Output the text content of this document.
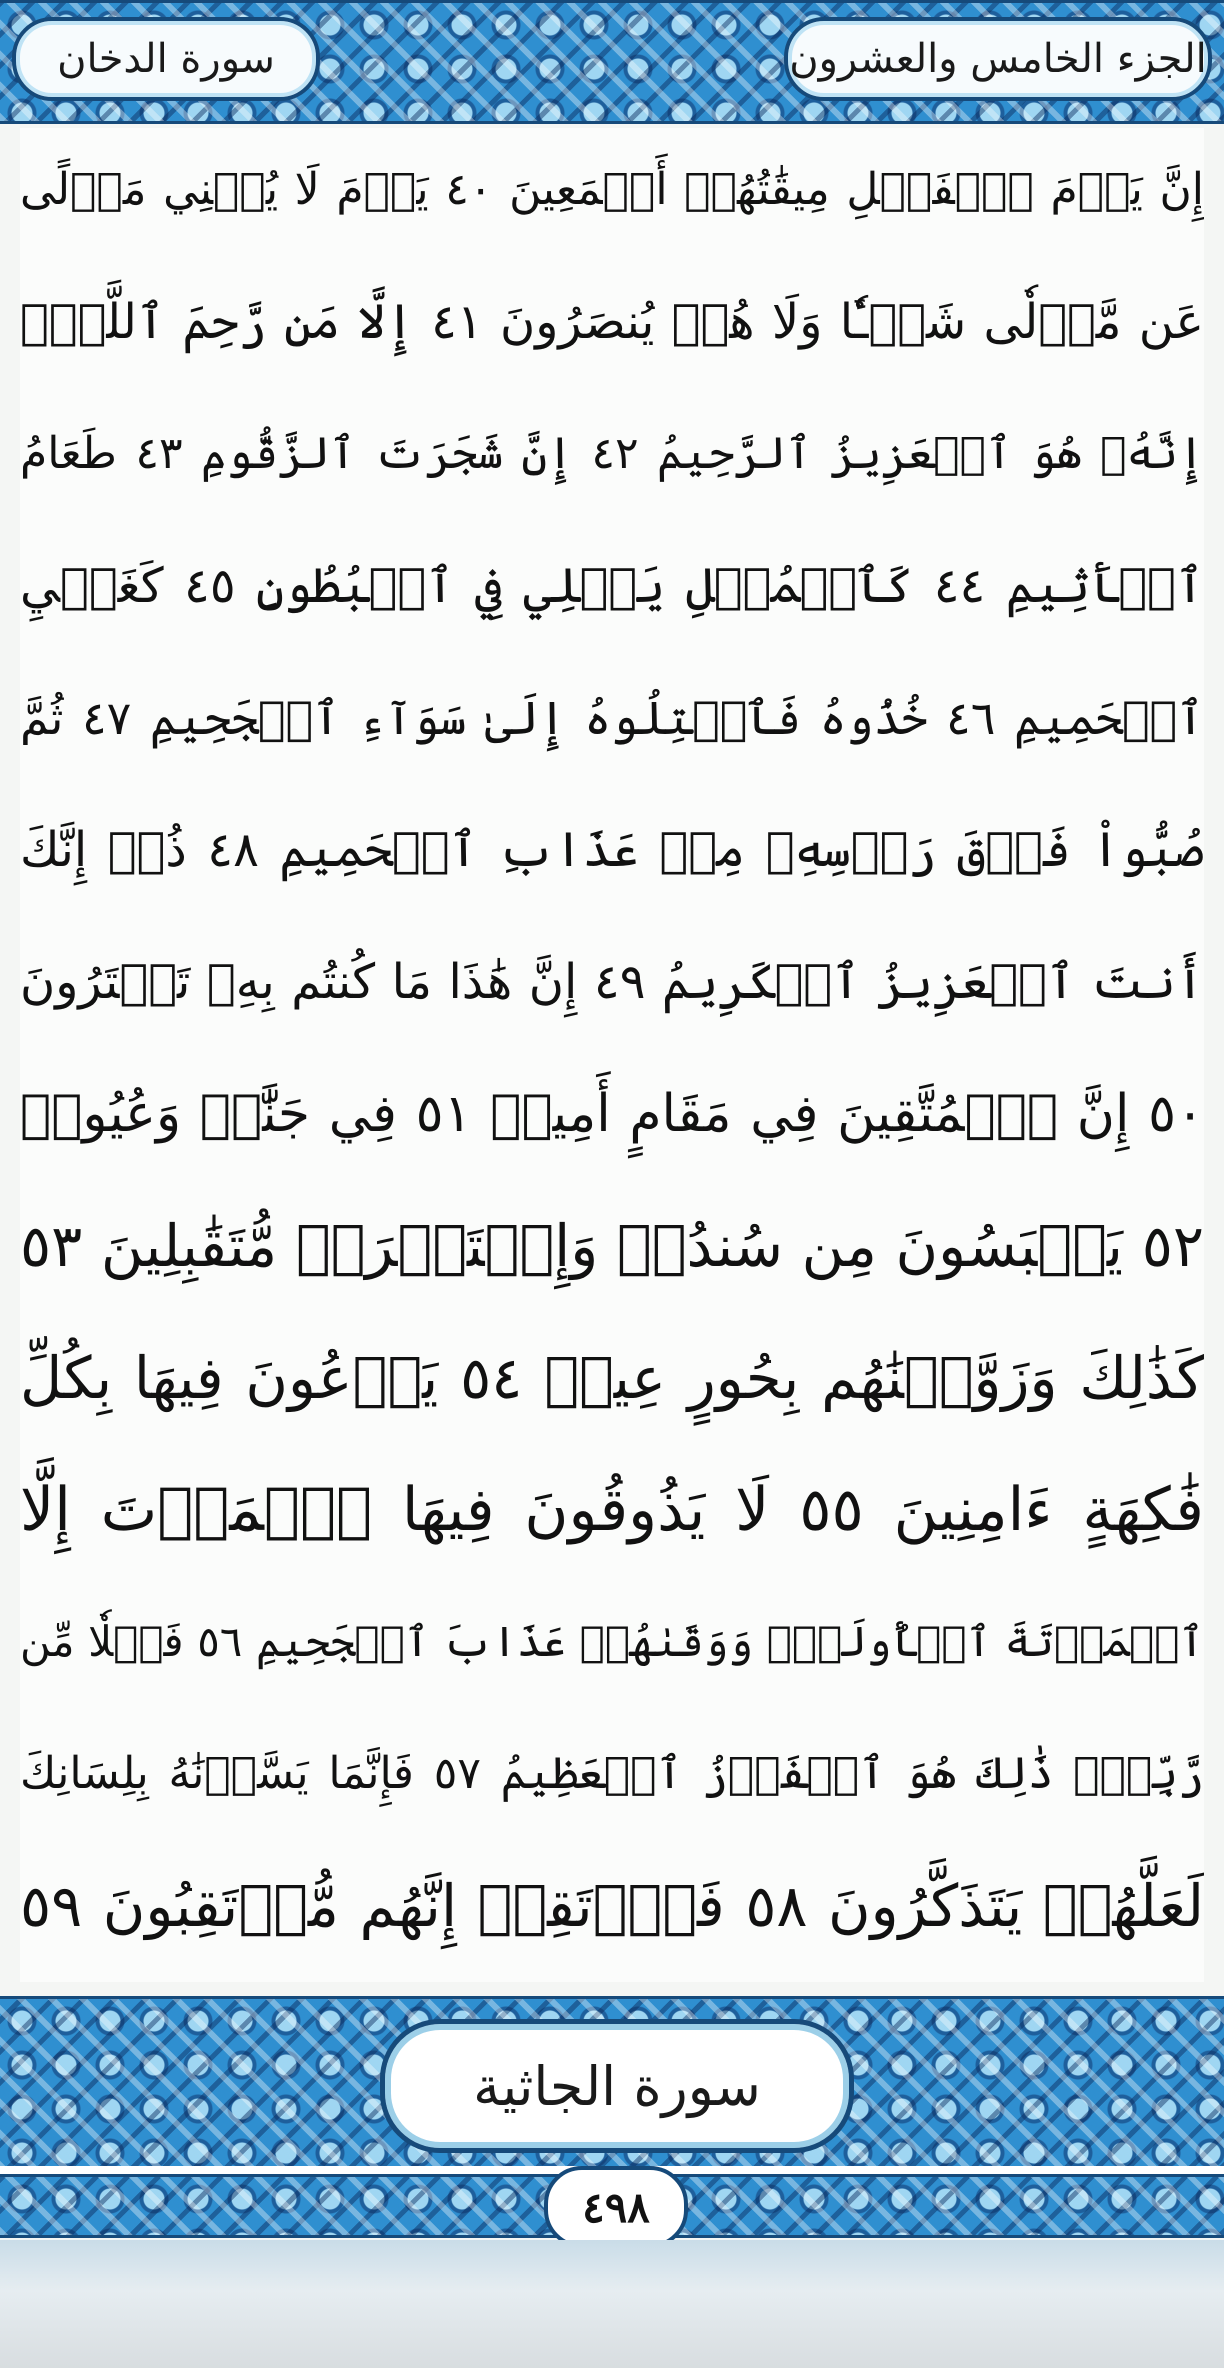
الجزء الخامس والعشرون
سورة الدخان
إِنَّ يَوۡمَ ٱلۡفَصۡلِ مِيقَٰتُهُمۡ أَجۡمَعِينَ ٤٠ يَوۡمَ لَا يُغۡنِي مَوۡلًى
عَن مَّوۡلٗى شَيۡـٔٗا وَلَا هُمۡ يُنصَرُونَ ٤١ إِلَّا مَن رَّحِمَ ٱللَّهُۚ
إِنَّهُۥ هُوَ ٱلۡعَزِيزُ ٱلرَّحِيمُ ٤٢ إِنَّ شَجَرَتَ ٱلزَّقُّومِ ٤٣ طَعَامُ
ٱلۡأَثِيمِ ٤٤ كَٱلۡمُهۡلِ يَغۡلِي فِي ٱلۡبُطُونِ ٤٥ كَغَلۡيِ
ٱلۡحَمِيمِ ٤٦ خُذُوهُ فَٱعۡتِلُوهُ إِلَىٰ سَوَآءِ ٱلۡجَحِيمِ ٤٧ ثُمَّ
صُبُّواْ فَوۡقَ رَأۡسِهِۦ مِنۡ عَذَابِ ٱلۡحَمِيمِ ٤٨ ذُقۡ إِنَّكَ
أَنتَ ٱلۡعَزِيزُ ٱلۡكَرِيمُ ٤٩ إِنَّ هَٰذَا مَا كُنتُم بِهِۦ تَمۡتَرُونَ
٥٠ إِنَّ ٱلۡمُتَّقِينَ فِي مَقَامٍ أَمِينٖ ٥١ فِي جَنَّٰتٖ وَعُيُونٖ
٥٢ يَلۡبَسُونَ مِن سُندُسٖ وَإِسۡتَبۡرَقٖ مُّتَقَٰبِلِينَ ٥٣
كَذَٰلِكَ وَزَوَّجۡنَٰهُم بِحُورٍ عِينٖ ٥٤ يَدۡعُونَ فِيهَا بِكُلِّ
فَٰكِهَةٍ ءَامِنِينَ ٥٥ لَا يَذُوقُونَ فِيهَا ٱلۡمَوۡتَ إِلَّا
ٱلۡمَوۡتَةَ ٱلۡأُولَىٰۖ وَوَقَىٰهُمۡ عَذَابَ ٱلۡجَحِيمِ ٥٦ فَضۡلٗا مِّن
رَّبِّكَۚ ذَٰلِكَ هُوَ ٱلۡفَوۡزُ ٱلۡعَظِيمُ ٥٧ فَإِنَّمَا يَسَّرۡنَٰهُ بِلِسَانِكَ
لَعَلَّهُمۡ يَتَذَكَّرُونَ ٥٨ فَٱرۡتَقِبۡ إِنَّهُم مُّرۡتَقِبُونَ ٥٩
سورة الجاثية
٤٩٨
